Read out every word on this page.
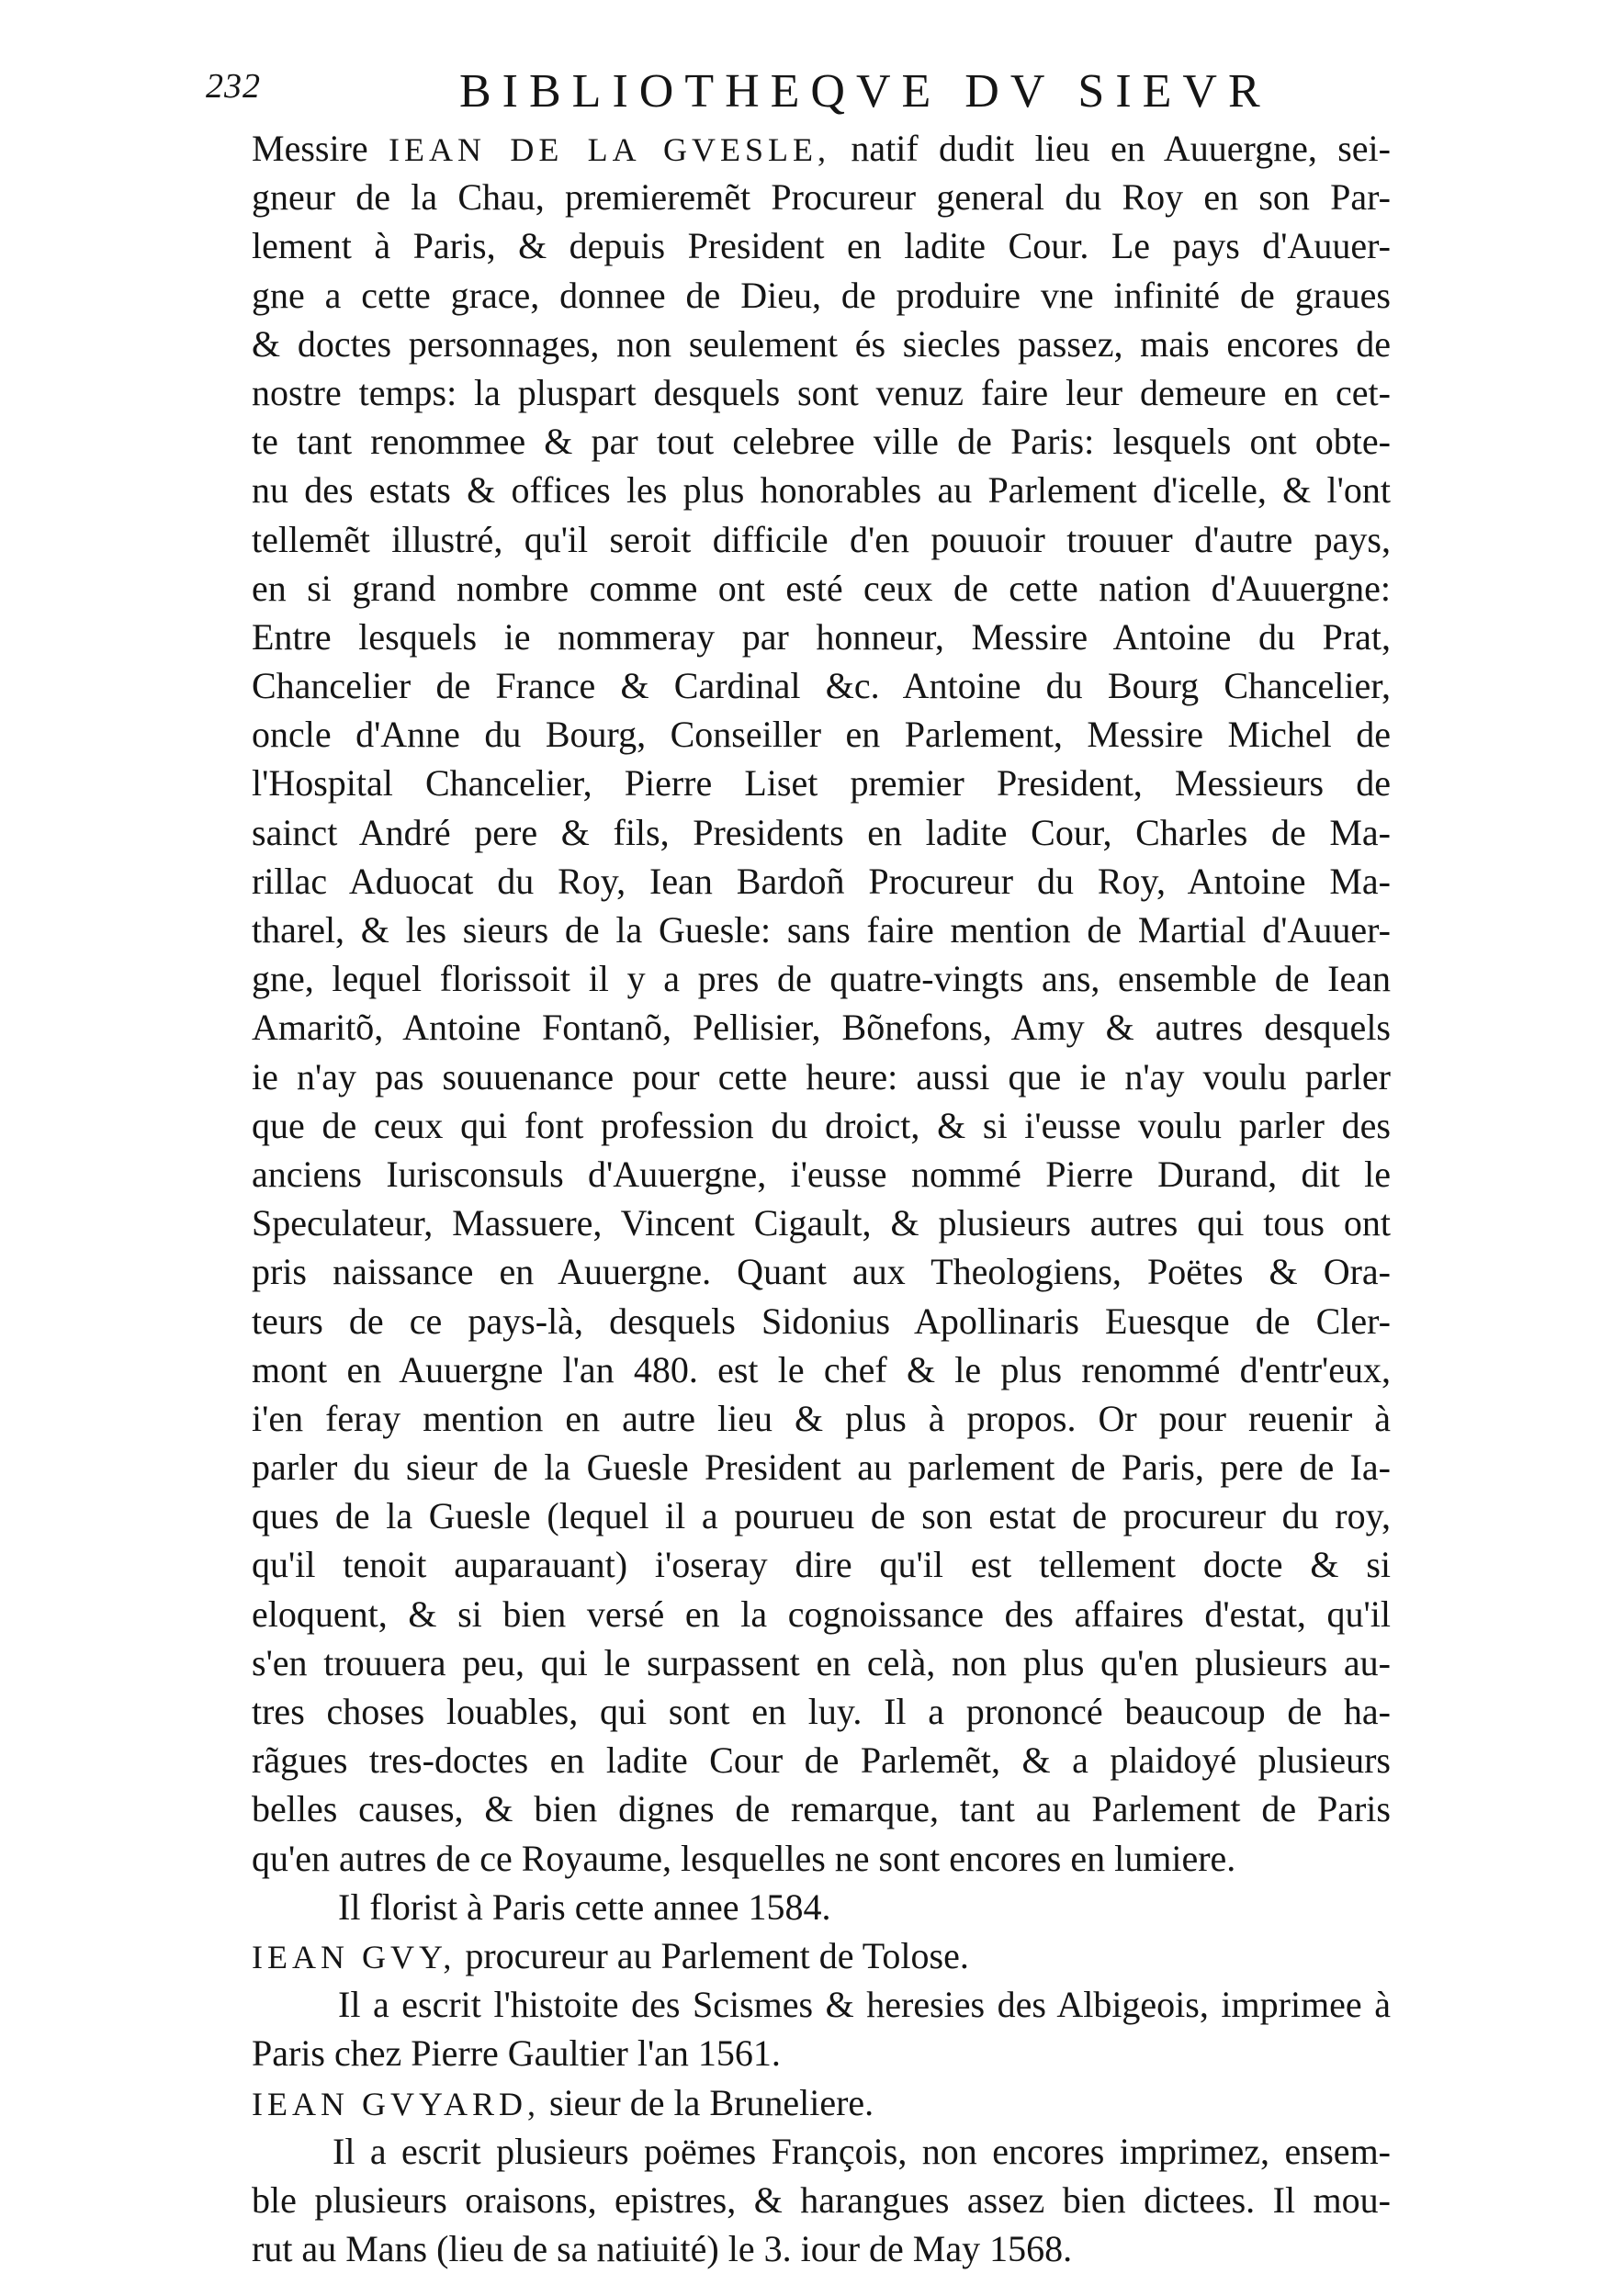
232	BIBLIOTHEQVE DV SIEVR
Messire IEAN DE LA GVESLE, natif dudit lieu en Auuergne, sei-
gneur de la Chau, premieremẽt Procureur general du Roy en son Par-
lement à Paris, & depuis President en ladite Cour. Le pays d'Auuer-
gne a cette grace, donnee de Dieu, de produire vne infinité de graues
& doctes personnages, non seulement és siecles passez, mais encores de
nostre temps: la pluspart desquels sont venuz faire leur demeure en cet-
te tant renommee & par tout celebree ville de Paris: lesquels ont obte-
nu des estats & offices les plus honorables au Parlement d'icelle, & l'ont
tellemẽt illustré, qu'il seroit difficile d'en pouuoir trouuer d'autre pays,
en si grand nombre comme ont esté ceux de cette nation d'Auuergne:
Entre lesquels ie nommeray par honneur, Messire Antoine du Prat,
Chancelier de France & Cardinal &c. Antoine du Bourg Chancelier,
oncle d'Anne du Bourg, Conseiller en Parlement, Messire Michel de
l'Hospital Chancelier, Pierre Liset premier President, Messieurs de
sainct André pere & fils, Presidents en ladite Cour, Charles de Ma-
rillac Aduocat du Roy, Iean Bardoñ Procureur du Roy, Antoine Ma-
tharel, & les sieurs de la Guesle: sans faire mention de Martial d'Auuer-
gne, lequel florissoit il y a pres de quatre-vingts ans, ensemble de Iean
Amaritõ, Antoine Fontanõ, Pellisier, Bõnefons, Amy & autres desquels
ie n'ay pas souuenance pour cette heure: aussi que ie n'ay voulu parler
que de ceux qui font profession du droict, & si i'eusse voulu parler des
anciens Iurisconsuls d'Auuergne, i'eusse nommé Pierre Durand, dit le
Speculateur, Massuere, Vincent Cigault, & plusieurs autres qui tous ont
pris naissance en Auuergne. Quant aux Theologiens, Poëtes & Ora-
teurs de ce pays-là, desquels Sidonius Apollinaris Euesque de Cler-
mont en Auuergne l'an 480. est le chef & le plus renommé d'entr'eux,
i'en feray mention en autre lieu & plus à propos. Or pour reuenir à
parler du sieur de la Guesle President au parlement de Paris, pere de Ia-
ques de la Guesle (lequel il a pourueu de son estat de procureur du roy,
qu'il tenoit auparauant) i'oseray dire qu'il est tellement docte & si
eloquent, & si bien versé en la cognoissance des affaires d'estat, qu'il
s'en trouuera peu, qui le surpassent en celà, non plus qu'en plusieurs au-
tres choses louables, qui sont en luy. Il a prononcé beaucoup de ha-
rãgues tres-doctes en ladite Cour de Parlemẽt, & a plaidoyé plusieurs
belles causes, & bien dignes de remarque, tant au Parlement de Paris
qu'en autres de ce Royaume, lesquelles ne sont encores en lumiere.
Il florist à Paris cette annee 1584.
IEAN GVY, procureur au Parlement de Tolose.
Il a escrit l'histoite des Scismes & heresies des Albigeois, imprimee à
Paris chez Pierre Gaultier l'an 1561.
IEAN GVYARD, sieur de la Bruneliere.
Il a escrit plusieurs poëmes François, non encores imprimez, ensem-
ble plusieurs oraisons, epistres, & harangues assez bien dictees. Il mou-
rut au Mans (lieu de sa natiuité) le 3. iour de May 1568.
